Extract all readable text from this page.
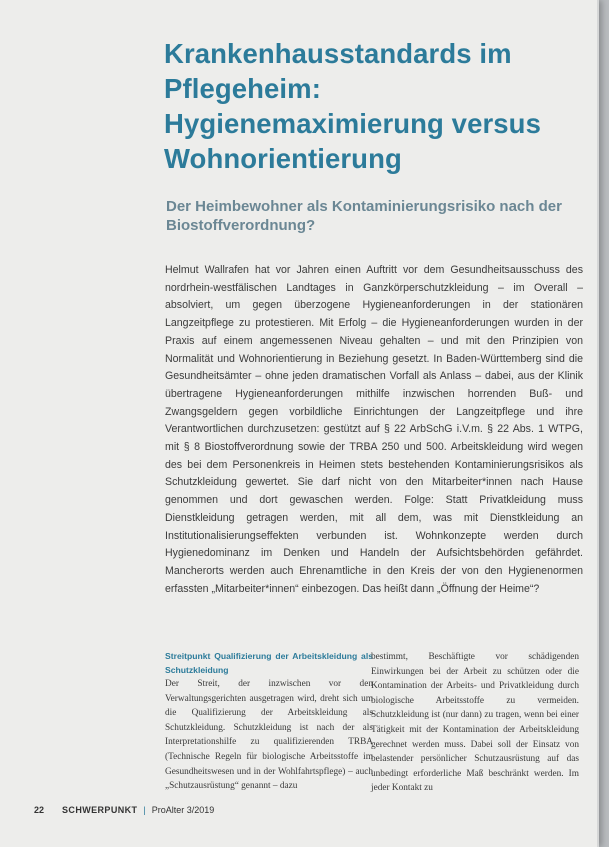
Krankenhausstandards im Pflegeheim: Hygienemaximierung versus Wohnorientierung
Der Heimbewohner als Kontaminierungsrisiko nach der Biostoffverordnung?

Helmut Wallrafen hat vor Jahren einen Auftritt vor dem Gesundheitsausschuss des nordrhein-westfälischen Landtages in Ganzkörperschutzkleidung – im Overall – absolviert, um gegen überzogene Hygieneanforderungen in der stationären Langzeitpflege zu protestieren. Mit Erfolg – die Hygieneanforderungen wurden in der Praxis auf einem angemessenen Niveau gehalten – und mit den Prinzipien von Normalität und Wohnorientierung in Beziehung gesetzt. In Baden-Württemberg sind die Gesundheitsämter – ohne jeden dramatischen Vorfall als Anlass – dabei, aus der Klinik übertragene Hygieneanforderungen mithilfe inzwischen horrenden Buß- und Zwangsgeldern gegen vorbildliche Einrichtungen der Langzeitpflege und ihre Verantwortlichen durchzusetzen: gestützt auf § 22 ArbSchG i.V.m. § 22 Abs. 1 WTPG, mit § 8 Biostoffverordnung sowie der TRBA 250 und 500. Arbeitskleidung wird wegen des bei dem Personenkreis in Heimen stets bestehenden Kontaminierungsrisikos als Schutzkleidung gewertet. Sie darf nicht von den Mitarbeiter*innen nach Hause genommen und dort gewaschen werden. Folge: Statt Privatkleidung muss Dienstkleidung getragen werden, mit all dem, was mit Dienstkleidung an Institutionalisierungseffekten verbunden ist. Wohnkonzepte werden durch Hygienedominanz im Denken und Handeln der Aufsichtsbehörden gefährdet. Mancherorts werden auch Ehrenamtliche in den Kreis der von den Hygienenormen erfassten „Mitarbeiter*innen“ einbezogen. Das heißt dann „Öffnung der Heime“?

Streitpunkt Qualifizierung der Arbeitskleidung als Schutzkleidung

Der Streit, der inzwischen vor den Verwaltungsgerichten ausgetragen wird, dreht sich um die Qualifizierung der Arbeitskleidung als Schutzkleidung. Schutzkleidung ist nach der als Interpretationshilfe zu qualifizierenden TRBA (Technische Regeln für biologische Arbeitsstoffe im Gesundheitswesen und in der Wohlfahrtspflege) – auch „Schutzausrüstung“ genannt – dazu

bestimmt, Beschäftigte vor schädigenden Einwirkungen bei der Arbeit zu schützen oder die Kontamination der Arbeits- und Privatkleidung durch biologische Arbeitsstoffe zu vermeiden. Schutzkleidung ist (nur dann) zu tragen, wenn bei einer Tätigkeit mit der Kontamination der Arbeitskleidung gerechnet werden muss. Dabei soll der Einsatz von belastender persönlicher Schutzausrüstung auf das unbedingt erforderliche Maß beschränkt werden. Im jeder Kontakt zu

22 SCHWERPUNKT | ProAlter 3/2019
